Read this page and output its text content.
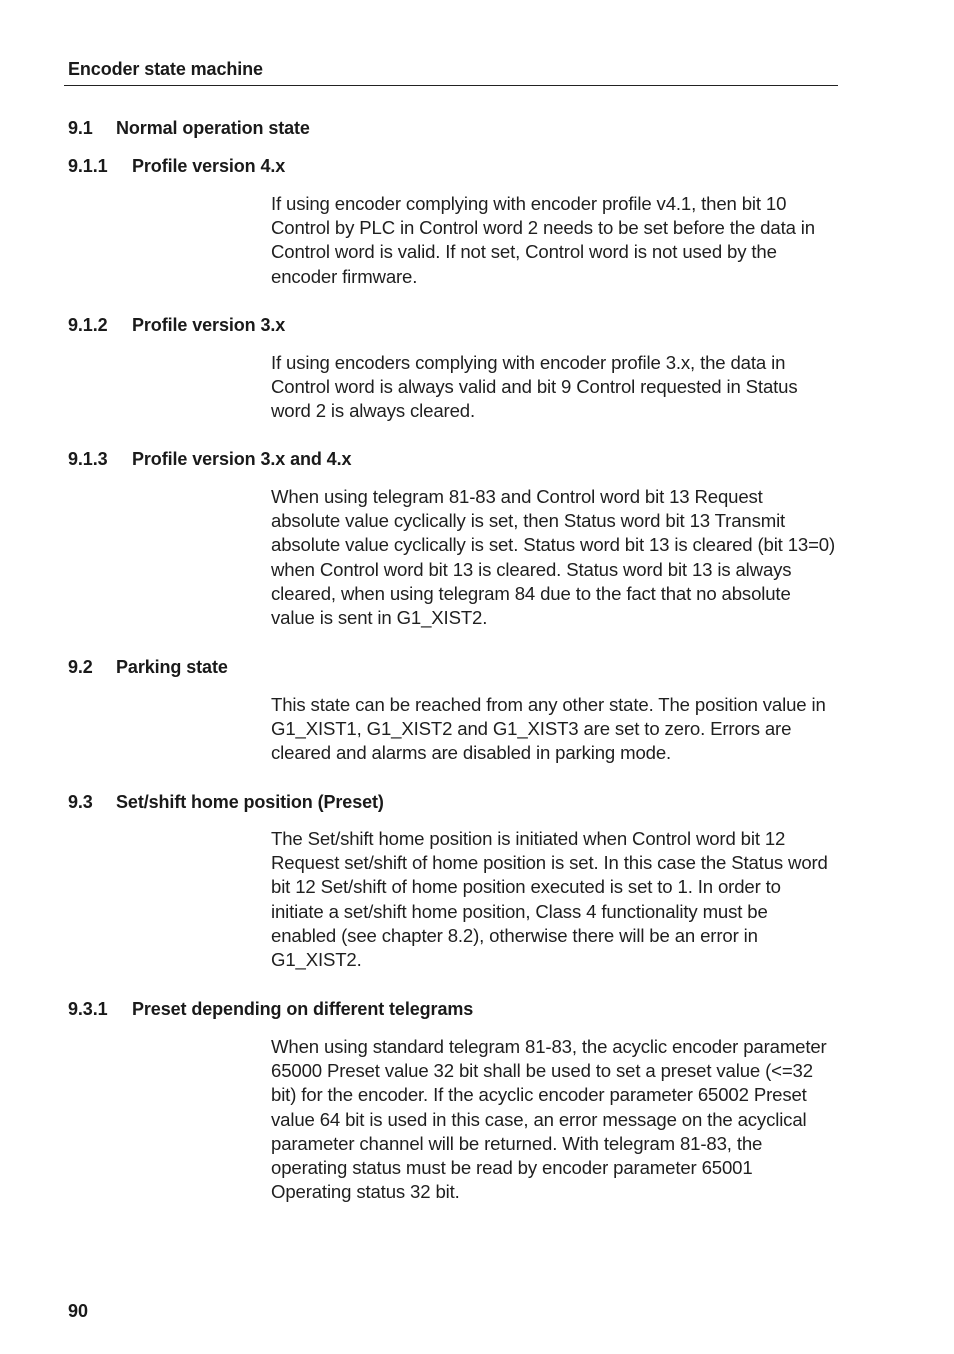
Encoder state machine
9.1 Normal operation state
9.1.1 Profile version 4.x
If using encoder complying with encoder profile v4.1, then bit 10 Control by PLC in Control word 2 needs to be set before the data in Control word is valid. If not set, Control word is not used by the encoder firmware.
9.1.2 Profile version 3.x
If using encoders complying with encoder profile 3.x, the data in Control word is always valid and bit 9 Control requested in Status word 2 is always cleared.
9.1.3 Profile version 3.x and 4.x
When using telegram 81-83 and Control word bit 13 Request absolute value cyclically is set, then Status word bit 13 Transmit absolute value cyclically is set. Status word bit 13 is cleared (bit 13=0) when Control word bit 13 is cleared. Status word bit 13 is always cleared, when using telegram 84 due to the fact that no absolute value is sent in G1_XIST2.
9.2 Parking state
This state can be reached from any other state. The position value in G1_XIST1, G1_XIST2 and G1_XIST3 are set to zero. Errors are cleared and alarms are disabled in parking mode.
9.3 Set/shift home position (Preset)
The Set/shift home position is initiated when Control word bit 12 Request set/shift of home position is set. In this case the Status word bit 12 Set/shift of home position executed is set to 1. In order to initiate a set/shift home position, Class 4 functionality must be enabled (see chapter 8.2), otherwise there will be an error in G1_XIST2.
9.3.1 Preset depending on different telegrams
When using standard telegram 81-83, the acyclic encoder parameter 65000 Preset value 32 bit shall be used to set a preset value (<=32 bit) for the encoder. If the acyclic encoder parameter 65002 Preset value 64 bit is used in this case, an error message on the acyclical parameter channel will be returned. With telegram 81-83, the operating status must be read by encoder parameter 65001 Operating status 32 bit.
90
